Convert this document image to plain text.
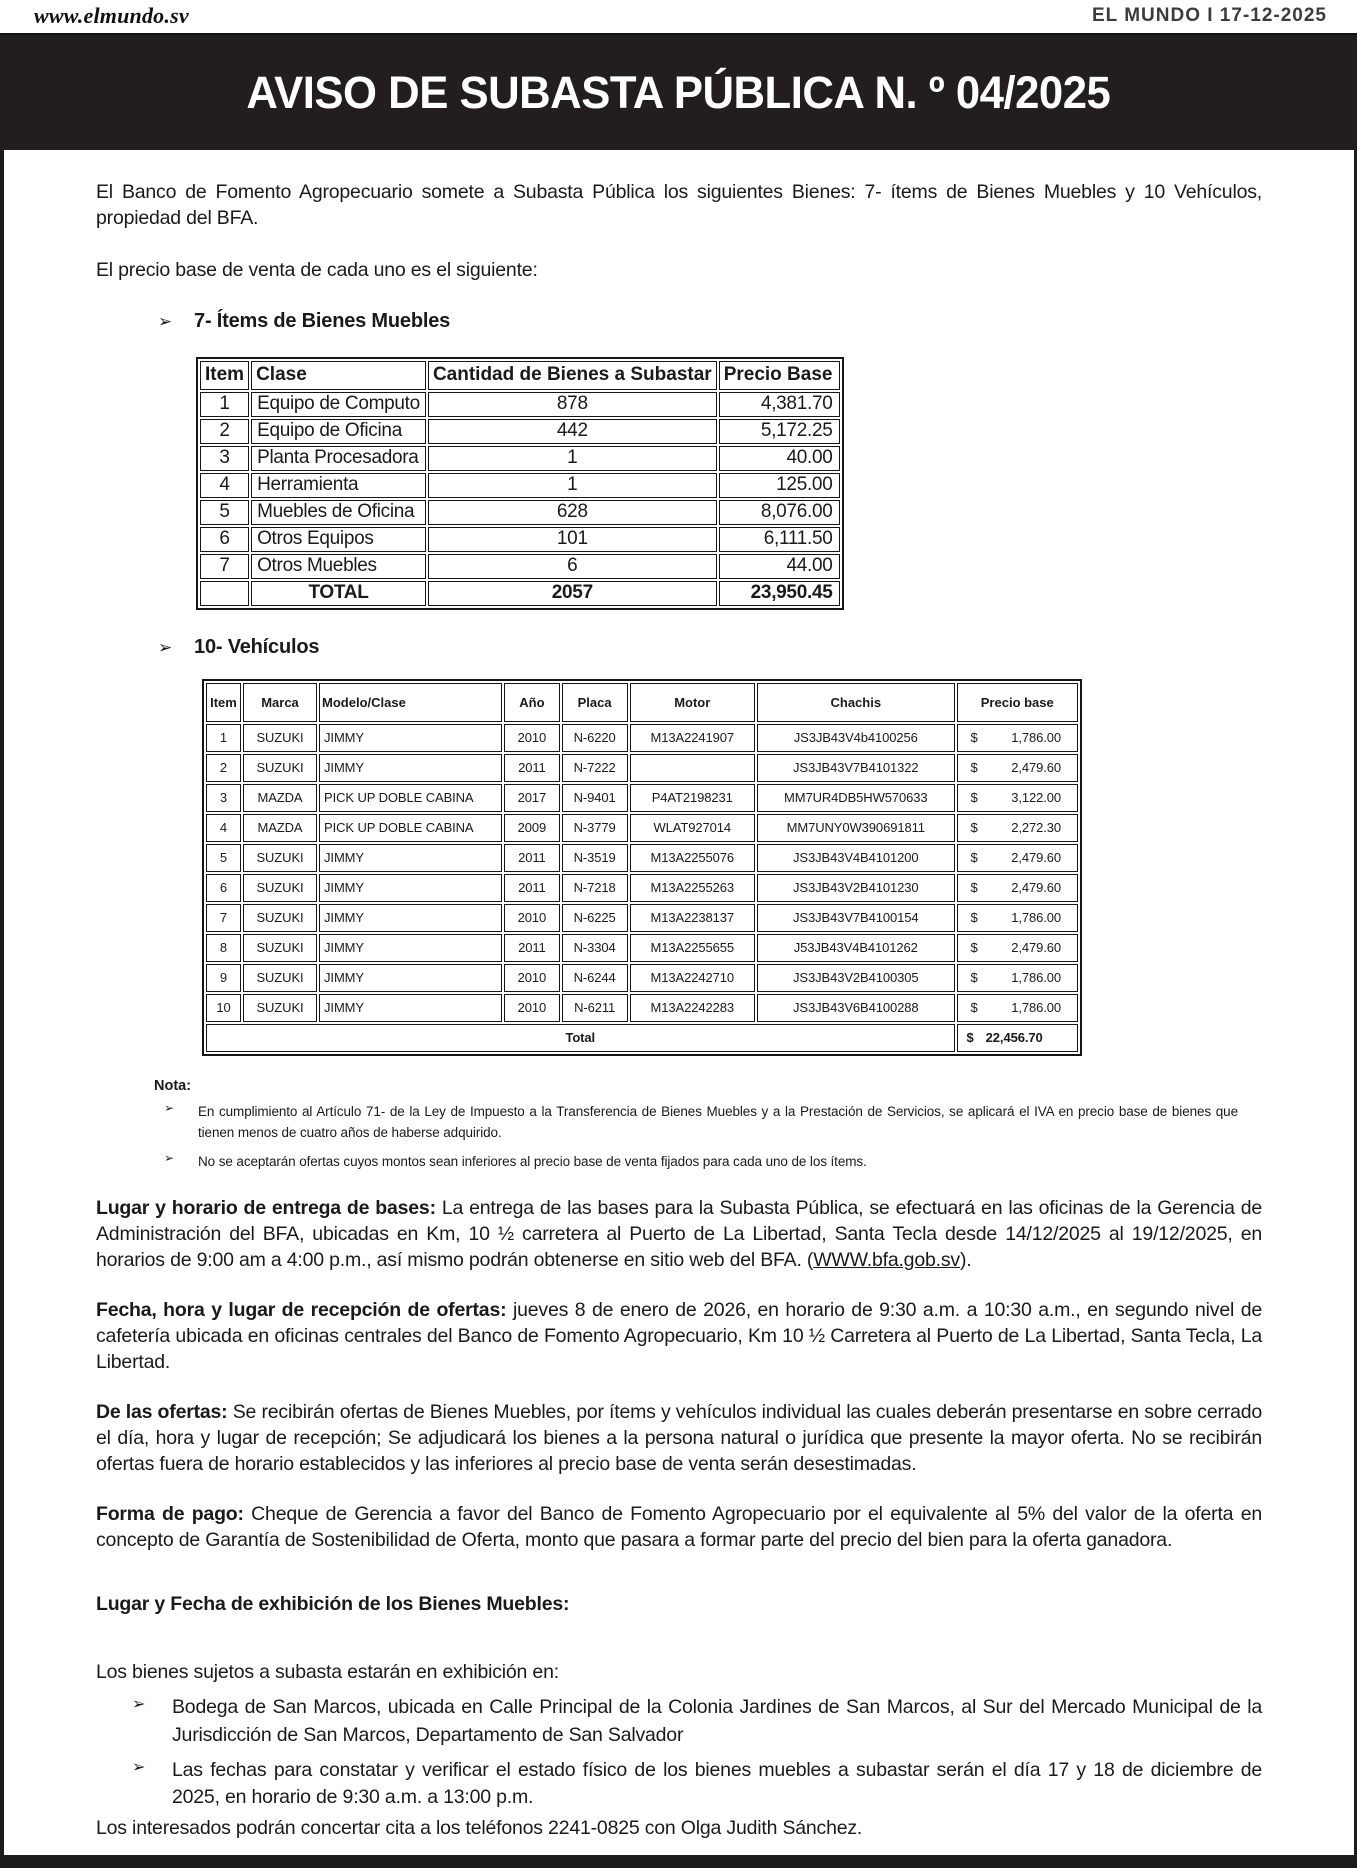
www.elmundo.sv	EL MUNDO I 17-12-2025
AVISO DE SUBASTA PÚBLICA N. º 04/2025

El Banco de Fomento Agropecuario somete a Subasta Pública los siguientes Bienes: 7- ítems de Bienes Muebles y 10 Vehículos, propiedad del BFA.

El precio base de venta de cada uno es el siguiente:

➢ 7- Ítems de Bienes Muebles
Item	Clase	Cantidad de Bienes a Subastar	Precio Base
1	Equipo de Computo	878	4,381.70
2	Equipo de Oficina	442	5,172.25
3	Planta Procesadora	1	40.00
4	Herramienta	1	125.00
5	Muebles de Oficina	628	8,076.00
6	Otros Equipos	101	6,111.50
7	Otros Muebles	6	44.00
	TOTAL	2057	23,950.45
➢ 10- Vehículos
Item	Marca	Modelo/Clase	Año	Placa	Motor	Chachis	Precio base
1	SUZUKI	JIMMY	2010	N-6220	M13A2241907	JS3JB43V4b4100256	$ 1,786.00

2	SUZUKI	JIMMY	2011	N-7222		JS3JB43V7B4101322	$ 2,479.60

3	MAZDA	PICK UP DOBLE CABINA	2017	N-9401	P4AT2198231	MM7UR4DB5HW570633	$ 3,122.00

4	MAZDA	PICK UP DOBLE CABINA	2009	N-3779	WLAT927014	MM7UNY0W390691811	$ 2,272.30

5	SUZUKI	JIMMY	2011	N-3519	M13A2255076	JS3JB43V4B4101200	$ 2,479.60

6	SUZUKI	JIMMY	2011	N-7218	M13A2255263	JS3JB43V2B4101230	$ 2,479.60

7	SUZUKI	JIMMY	2010	N-6225	M13A2238137	JS3JB43V7B4100154	$ 1,786.00

8	SUZUKI	JIMMY	2011	N-3304	M13A2255655	J53JB43V4B4101262	$ 2,479.60

9	SUZUKI	JIMMY	2010	N-6244	M13A2242710	JS3JB43V2B4100305	$ 1,786.00

10	SUZUKI	JIMMY	2010	N-6211	M13A2242283	JS3JB43V6B4100288	$ 1,786.00

Total							$ 22,456.70
Nota:
➢	En cumplimiento al Artículo 71- de la Ley de Impuesto a la Transferencia de Bienes Muebles y a la Prestación de Servicios, se aplicará el IVA en precio base de bienes que tienen menos de cuatro años de haberse adquirido.
➢	No se aceptarán ofertas cuyos montos sean inferiores al precio base de venta fijados para cada uno de los ítems.

Lugar y horario de entrega de bases: La entrega de las bases para la Subasta Pública, se efectuará en las oficinas de la Gerencia de Administración del BFA, ubicadas en Km, 10 ½ carretera al Puerto de La Libertad, Santa Tecla desde 14/12/2025 al 19/12/2025, en horarios de 9:00 am a 4:00 p.m., así mismo podrán obtenerse en sitio web del BFA. (WWW.bfa.gob.sv).

Fecha, hora y lugar de recepción de ofertas: jueves 8 de enero de 2026, en horario de 9:30 a.m. a 10:30 a.m., en segundo nivel de cafetería ubicada en oficinas centrales del Banco de Fomento Agropecuario, Km 10 ½ Carretera al Puerto de La Libertad, Santa Tecla, La Libertad.

De las ofertas: Se recibirán ofertas de Bienes Muebles, por ítems y vehículos individual las cuales deberán presentarse en sobre cerrado el día, hora y lugar de recepción; Se adjudicará los bienes a la persona natural o jurídica que presente la mayor oferta. No se recibirán ofertas fuera de horario establecidos y las inferiores al precio base de venta serán desestimadas.

Forma de pago: Cheque de Gerencia a favor del Banco de Fomento Agropecuario por el equivalente al 5% del valor de la oferta en concepto de Garantía de Sostenibilidad de Oferta, monto que pasara a formar parte del precio del bien para la oferta ganadora.

Lugar y Fecha de exhibición de los Bienes Muebles:

Los bienes sujetos a subasta estarán en exhibición en:

➢	Bodega de San Marcos, ubicada en Calle Principal de la Colonia Jardines de San Marcos, al Sur del Mercado Municipal de la Jurisdicción de San Marcos, Departamento de San Salvador
➢	Las fechas para constatar y verificar el estado físico de los bienes muebles a subastar serán el día 17 y 18 de diciembre de 2025, en horario de 9:30 a.m. a 13:00 p.m.

Los interesados podrán concertar cita a los teléfonos 2241-0825 con Olga Judith Sánchez.
